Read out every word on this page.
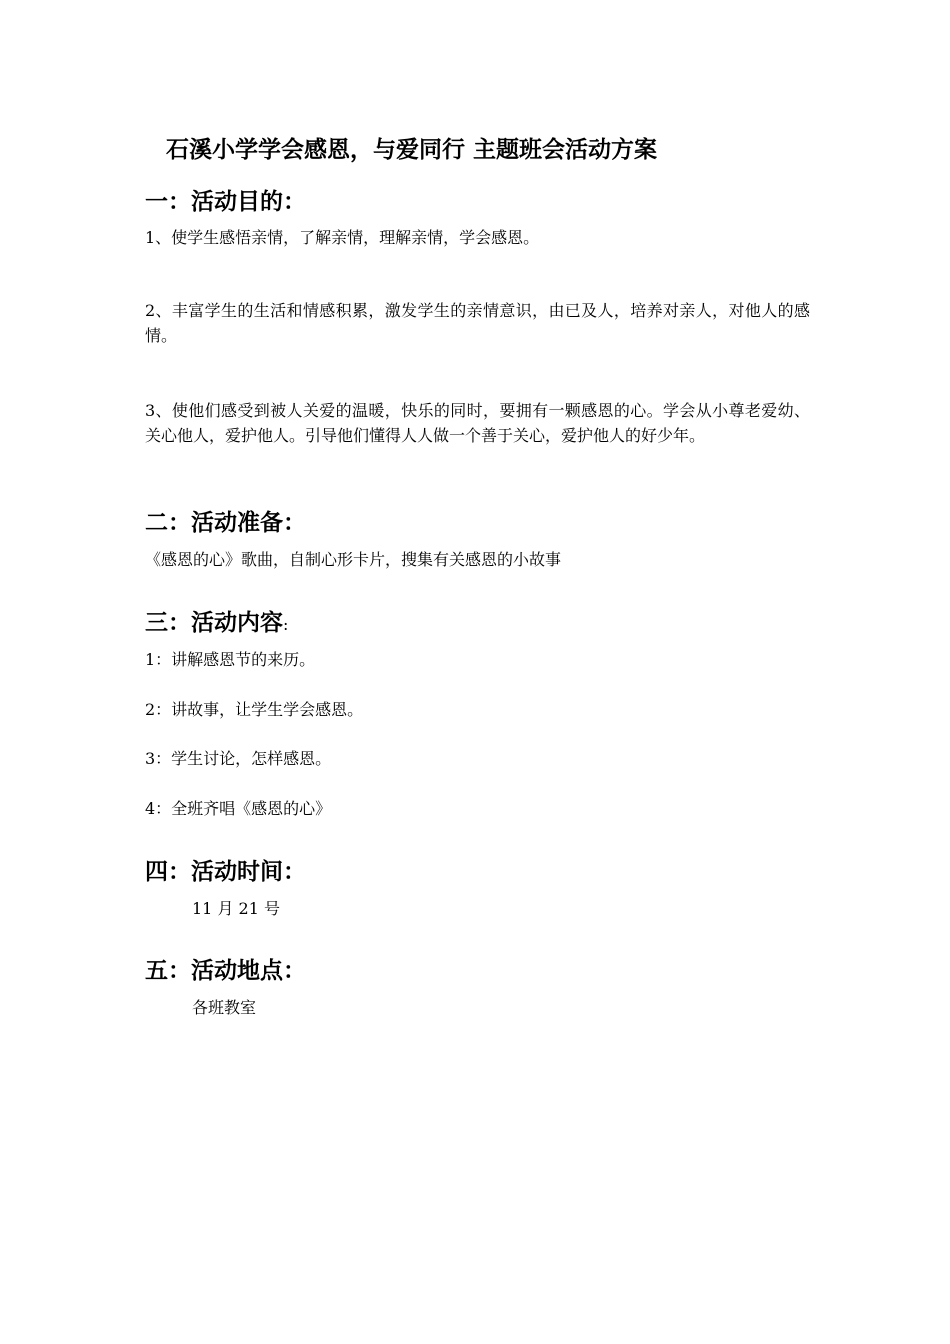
石溪小学学会感恩，与爱同行 主题班会活动方案
一：活动目的：
1、使学生感悟亲情，了解亲情，理解亲情，学会感恩。
2、丰富学生的生活和情感积累，激发学生的亲情意识，由已及人，培养对亲人，对他人的感情。
3、使他们感受到被人关爱的温暖，快乐的同时，要拥有一颗感恩的心。学会从小尊老爱幼、关心他人，爱护他人。引导他们懂得人人做一个善于关心，爱护他人的好少年。
二：活动准备：
《感恩的心》歌曲，自制心形卡片，搜集有关感恩的小故事
三：活动内容:
1：讲解感恩节的来历。
2：讲故事，让学生学会感恩。
3：学生讨论，怎样感恩。
4：全班齐唱《感恩的心》
四：活动时间：
11 月 21 号
五：活动地点：
各班教室
